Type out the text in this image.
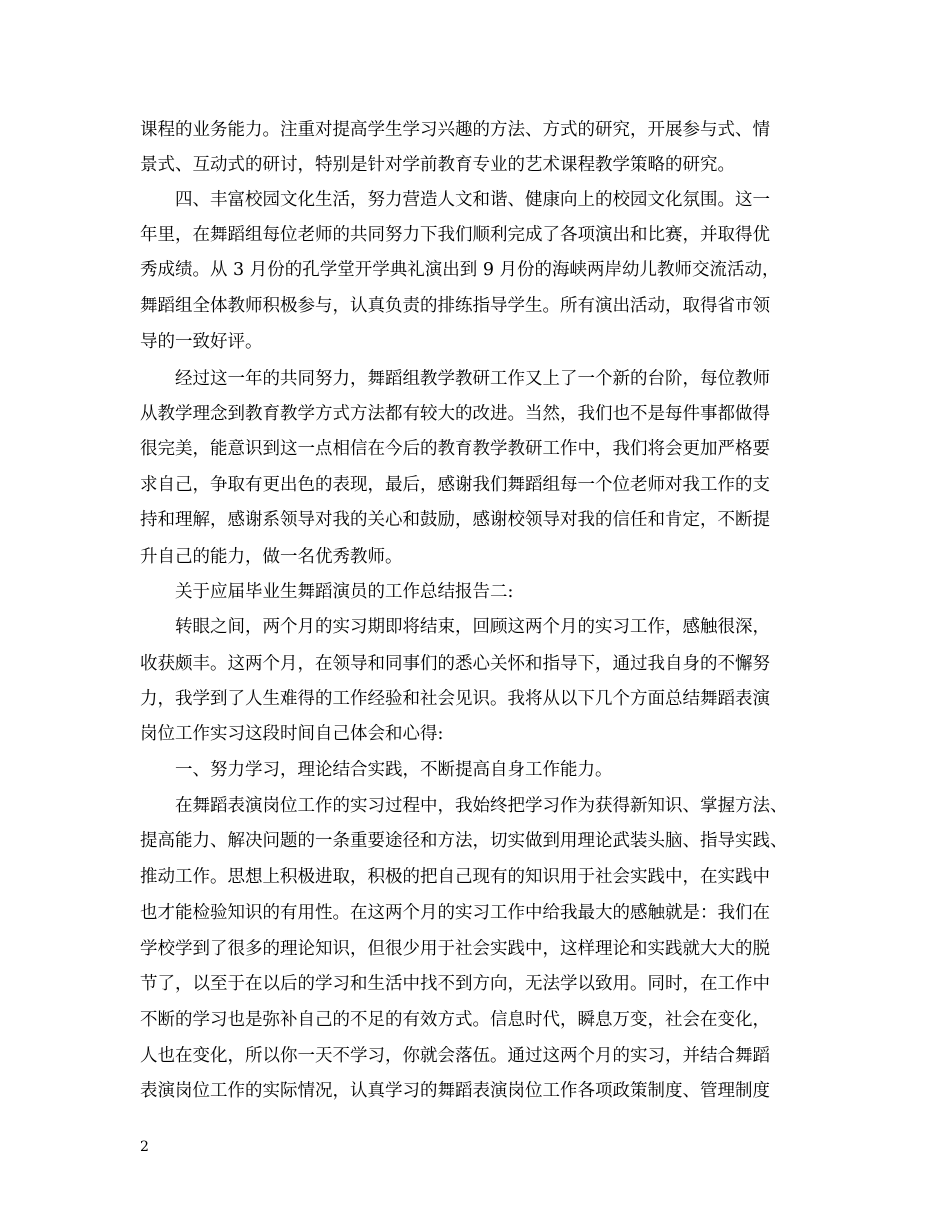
课程的业务能力。注重对提高学生学习兴趣的方法、方式的研究，开展参与式、情
景式、互动式的研讨，特别是针对学前教育专业的艺术课程教学策略的研究。
四、丰富校园文化生活，努力营造人文和谐、健康向上的校园文化氛围。这一
年里，在舞蹈组每位老师的共同努力下我们顺利完成了各项演出和比赛，并取得优
秀成绩。从 3 月份的孔学堂开学典礼演出到 9 月份的海峡两岸幼儿教师交流活动，
舞蹈组全体教师积极参与，认真负责的排练指导学生。所有演出活动，取得省市领
导的一致好评。
经过这一年的共同努力，舞蹈组教学教研工作又上了一个新的台阶，每位教师
从教学理念到教育教学方式方法都有较大的改进。当然，我们也不是每件事都做得
很完美，能意识到这一点相信在今后的教育教学教研工作中，我们将会更加严格要
求自己，争取有更出色的表现，最后，感谢我们舞蹈组每一个位老师对我工作的支
持和理解，感谢系领导对我的关心和鼓励，感谢校领导对我的信任和肯定，不断提
升自己的能力，做一名优秀教师。
关于应届毕业生舞蹈演员的工作总结报告二:
转眼之间，两个月的实习期即将结束，回顾这两个月的实习工作，感触很深，
收获颇丰。这两个月，在领导和同事们的悉心关怀和指导下，通过我自身的不懈努
力，我学到了人生难得的工作经验和社会见识。我将从以下几个方面总结舞蹈表演
岗位工作实习这段时间自己体会和心得:
一、努力学习，理论结合实践，不断提高自身工作能力。
在舞蹈表演岗位工作的实习过程中，我始终把学习作为获得新知识、掌握方法、
提高能力、解决问题的一条重要途径和方法，切实做到用理论武装头脑、指导实践、
推动工作。思想上积极进取，积极的把自己现有的知识用于社会实践中，在实践中
也才能检验知识的有用性。在这两个月的实习工作中给我最大的感触就是：我们在
学校学到了很多的理论知识，但很少用于社会实践中，这样理论和实践就大大的脱
节了，以至于在以后的学习和生活中找不到方向，无法学以致用。同时，在工作中
不断的学习也是弥补自己的不足的有效方式。信息时代，瞬息万变，社会在变化，
人也在变化，所以你一天不学习，你就会落伍。通过这两个月的实习，并结合舞蹈
表演岗位工作的实际情况，认真学习的舞蹈表演岗位工作各项政策制度、管理制度
2
